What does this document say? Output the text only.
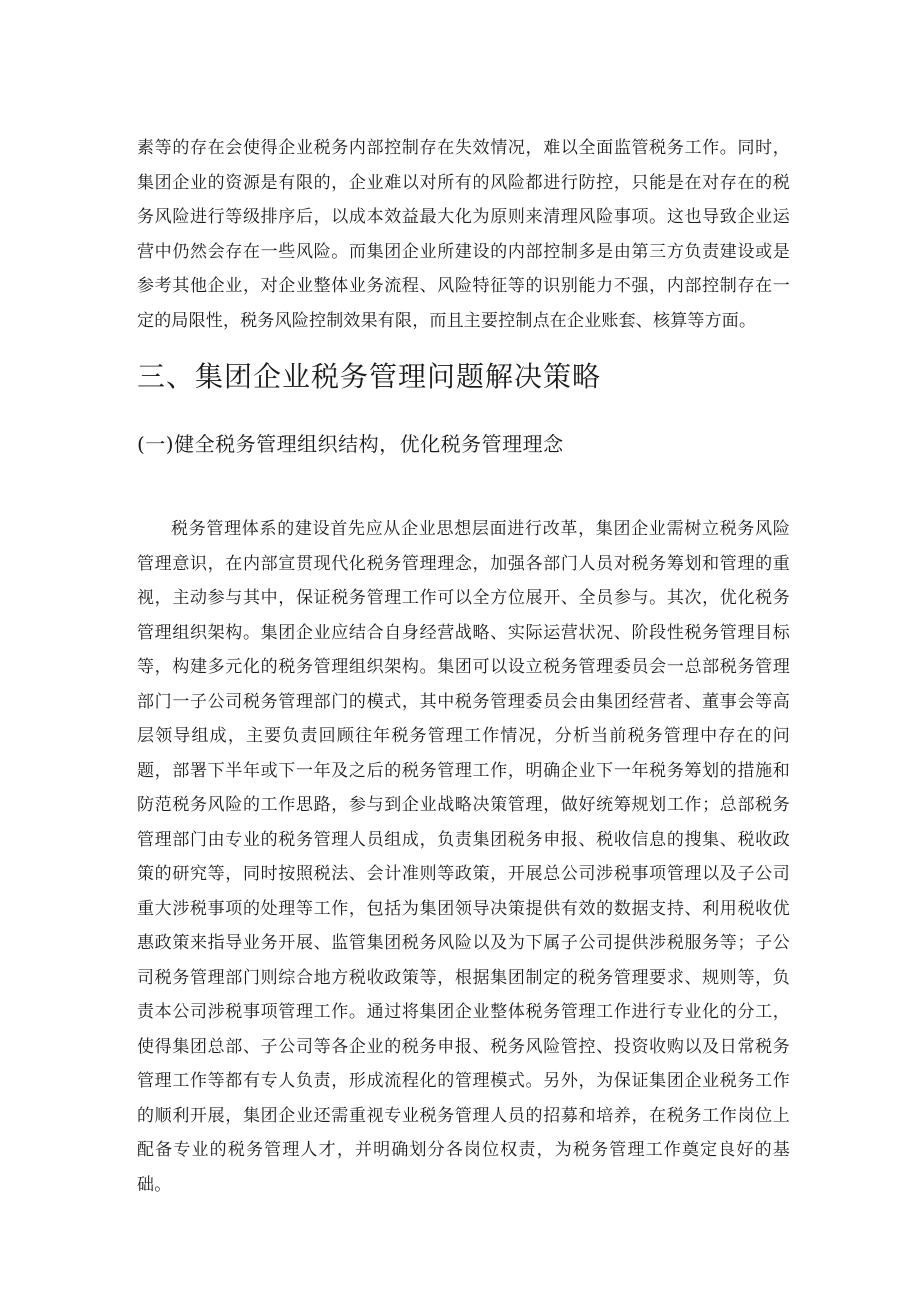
素等的存在会使得企业税务内部控制存在失效情况，难以全面监管税务工作。同时，集团企业的资源是有限的，企业难以对所有的风险都进行防控，只能是在对存在的税务风险进行等级排序后，以成本效益最大化为原则来清理风险事项。这也导致企业运营中仍然会存在一些风险。而集团企业所建设的内部控制多是由第三方负责建设或是参考其他企业，对企业整体业务流程、风险特征等的识别能力不强，内部控制存在一定的局限性，税务风险控制效果有限，而且主要控制点在企业账套、核算等方面。

三、集团企业税务管理问题解决策略
(一)健全税务管理组织结构，优化税务管理理念

税务管理体系的建设首先应从企业思想层面进行改革，集团企业需树立税务风险管理意识，在内部宣贯现代化税务管理理念，加强各部门人员对税务筹划和管理的重视，主动参与其中，保证税务管理工作可以全方位展开、全员参与。其次，优化税务管理组织架构。集团企业应结合自身经营战略、实际运营状况、阶段性税务管理目标等，构建多元化的税务管理组织架构。集团可以设立税务管理委员会一总部税务管理部门一子公司税务管理部门的模式，其中税务管理委员会由集团经营者、董事会等高层领导组成，主要负责回顾往年税务管理工作情况，分析当前税务管理中存在的问题，部署下半年或下一年及之后的税务管理工作，明确企业下一年税务筹划的措施和防范税务风险的工作思路，参与到企业战略决策管理，做好统筹规划工作；总部税务管理部门由专业的税务管理人员组成，负责集团税务申报、税收信息的搜集、税收政策的研究等，同时按照税法、会计准则等政策，开展总公司涉税事项管理以及子公司重大涉税事项的处理等工作，包括为集团领导决策提供有效的数据支持、利用税收优惠政策来指导业务开展、监管集团税务风险以及为下属子公司提供涉税服务等；子公司税务管理部门则综合地方税收政策等，根据集团制定的税务管理要求、规则等，负责本公司涉税事项管理工作。通过将集团企业整体税务管理工作进行专业化的分工，使得集团总部、子公司等各企业的税务申报、税务风险管控、投资收购以及日常税务管理工作等都有专人负责，形成流程化的管理模式。另外，为保证集团企业税务工作的顺利开展，集团企业还需重视专业税务管理人员的招募和培养，在税务工作岗位上配备专业的税务管理人才，并明确划分各岗位权责，为税务管理工作奠定良好的基础。
